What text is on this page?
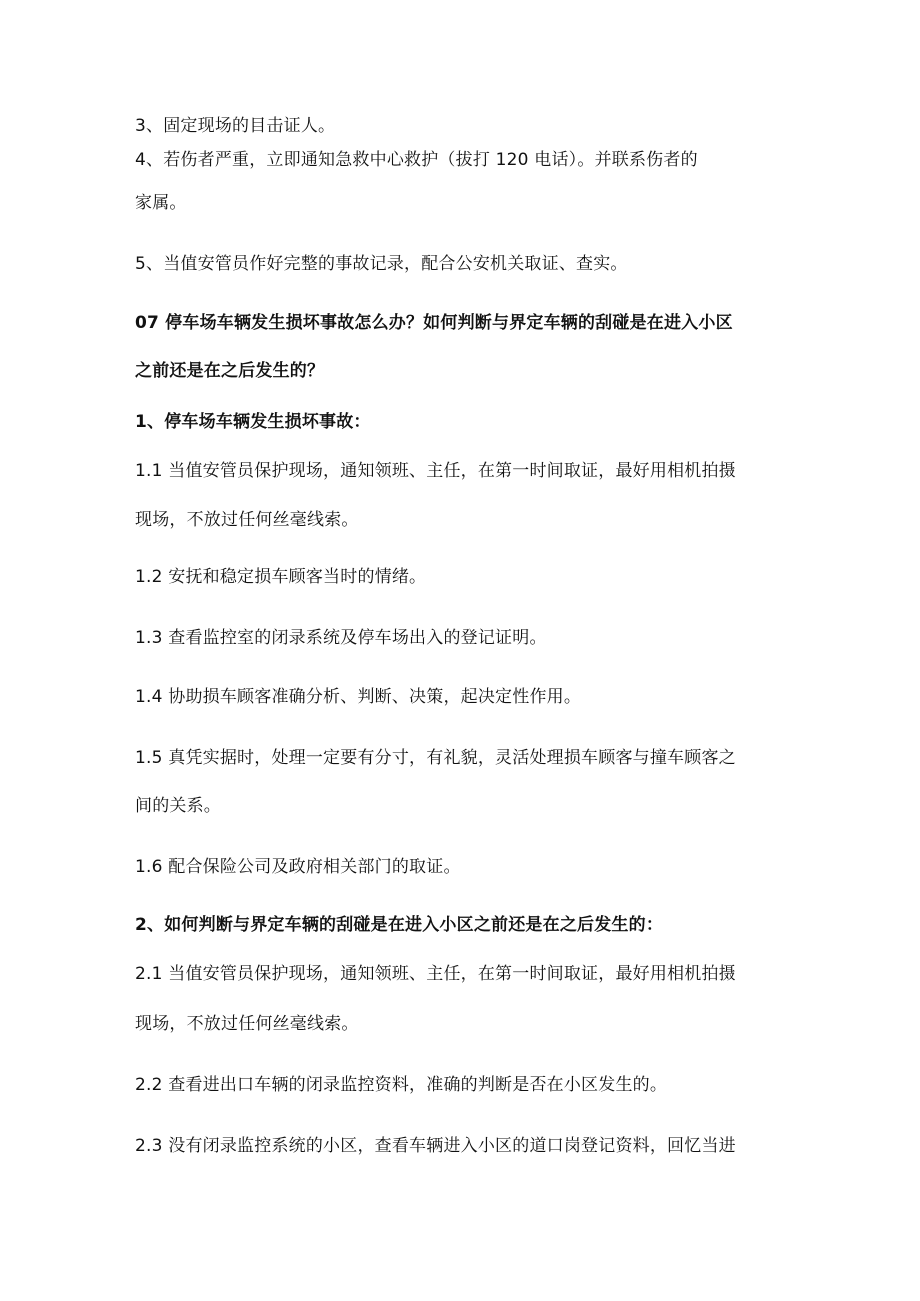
3、固定现场的目击证人。
4、若伤者严重，立即通知急救中心救护（拔打 120 电话）。并联系伤者的
家属。
5、当值安管员作好完整的事故记录，配合公安机关取证、查实。
07 停车场车辆发生损坏事故怎么办？如何判断与界定车辆的刮碰是在进入小区
之前还是在之后发生的？
1、停车场车辆发生损坏事故：
1.1 当值安管员保护现场，通知领班、主任，在第一时间取证，最好用相机拍摄
现场，不放过任何丝毫线索。
1.2 安抚和稳定损车顾客当时的情绪。
1.3 查看监控室的闭录系统及停车场出入的登记证明。
1.4 协助损车顾客准确分析、判断、决策，起决定性作用。
1.5 真凭实据时，处理一定要有分寸，有礼貌，灵活处理损车顾客与撞车顾客之
间的关系。
1.6 配合保险公司及政府相关部门的取证。
2、如何判断与界定车辆的刮碰是在进入小区之前还是在之后发生的：
2.1 当值安管员保护现场，通知领班、主任，在第一时间取证，最好用相机拍摄
现场，不放过任何丝毫线索。
2.2 查看进出口车辆的闭录监控资料，准确的判断是否在小区发生的。
2.3 没有闭录监控系统的小区，查看车辆进入小区的道口岗登记资料，回忆当进
